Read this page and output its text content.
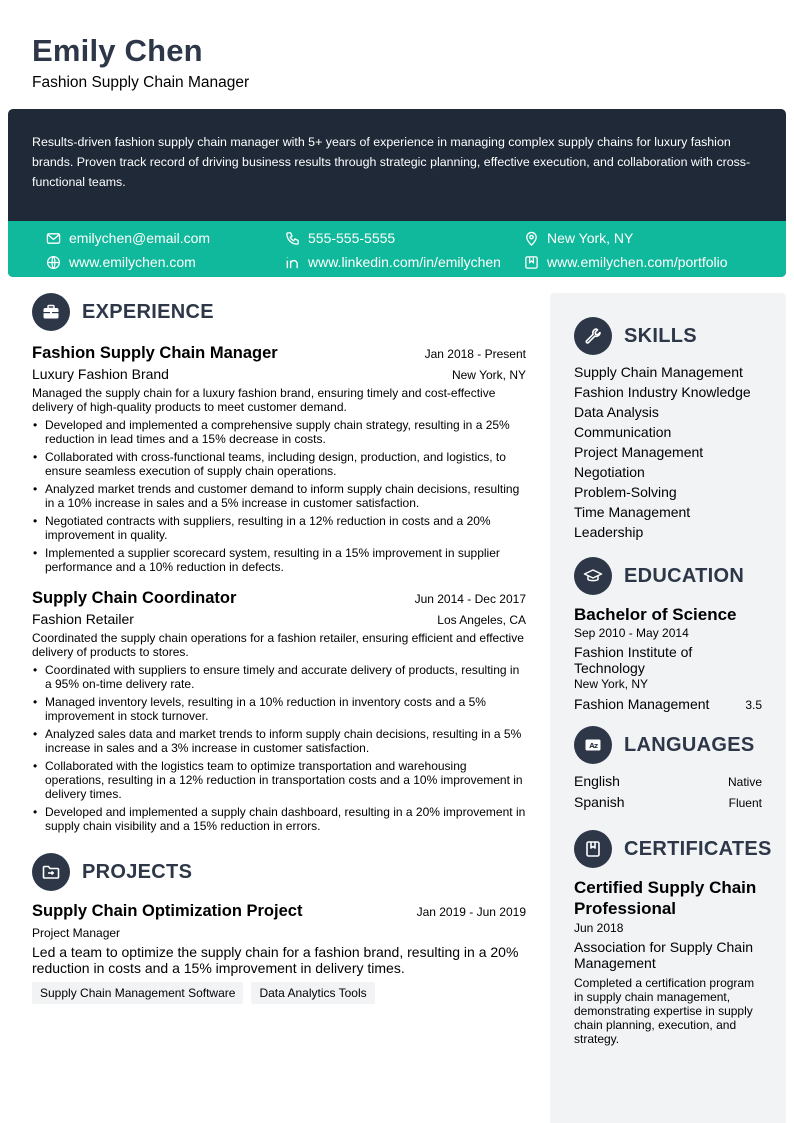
Emily Chen
Fashion Supply Chain Manager
Results-driven fashion supply chain manager with 5+ years of experience in managing complex supply chains for luxury fashion brands. Proven track record of driving business results through strategic planning, effective execution, and collaboration with cross-functional teams.
emilychen@email.com	555-555-5555	New York, NY
www.emilychen.com	www.linkedin.com/in/emilychen	www.emilychen.com/portfolio
EXPERIENCE
Fashion Supply Chain Manager	Jan 2018 - Present
Luxury Fashion Brand	New York, NY
Managed the supply chain for a luxury fashion brand, ensuring timely and cost-effective delivery of high-quality products to meet customer demand.
• Developed and implemented a comprehensive supply chain strategy, resulting in a 25% reduction in lead times and a 15% decrease in costs.
• Collaborated with cross-functional teams, including design, production, and logistics, to ensure seamless execution of supply chain operations.
• Analyzed market trends and customer demand to inform supply chain decisions, resulting in a 10% increase in sales and a 5% increase in customer satisfaction.
• Negotiated contracts with suppliers, resulting in a 12% reduction in costs and a 20% improvement in quality.
• Implemented a supplier scorecard system, resulting in a 15% improvement in supplier performance and a 10% reduction in defects.
Supply Chain Coordinator	Jun 2014 - Dec 2017
Fashion Retailer	Los Angeles, CA
Coordinated the supply chain operations for a fashion retailer, ensuring efficient and effective delivery of products to stores.
• Coordinated with suppliers to ensure timely and accurate delivery of products, resulting in a 95% on-time delivery rate.
• Managed inventory levels, resulting in a 10% reduction in inventory costs and a 5% improvement in stock turnover.
• Analyzed sales data and market trends to inform supply chain decisions, resulting in a 5% increase in sales and a 3% increase in customer satisfaction.
• Collaborated with the logistics team to optimize transportation and warehousing operations, resulting in a 12% reduction in transportation costs and a 10% improvement in delivery times.
• Developed and implemented a supply chain dashboard, resulting in a 20% improvement in supply chain visibility and a 15% reduction in errors.
PROJECTS
Supply Chain Optimization Project	Jan 2019 - Jun 2019
Project Manager
Led a team to optimize the supply chain for a fashion brand, resulting in a 20% reduction in costs and a 15% improvement in delivery times.
Supply Chain Management Software	Data Analytics Tools
SKILLS
Supply Chain Management
Fashion Industry Knowledge
Data Analysis
Communication
Project Management
Negotiation
Problem-Solving
Time Management
Leadership
EDUCATION
Bachelor of Science
Sep 2010 - May 2014
Fashion Institute of Technology
New York, NY
Fashion Management	3.5
A z LANGUAGES
English	Native
Spanish	Fluent
CERTIFICATES
Certified Supply Chain Professional
Jun 2018
Association for Supply Chain Management
Completed a certification program in supply chain management, demonstrating expertise in supply chain planning, execution, and strategy.
